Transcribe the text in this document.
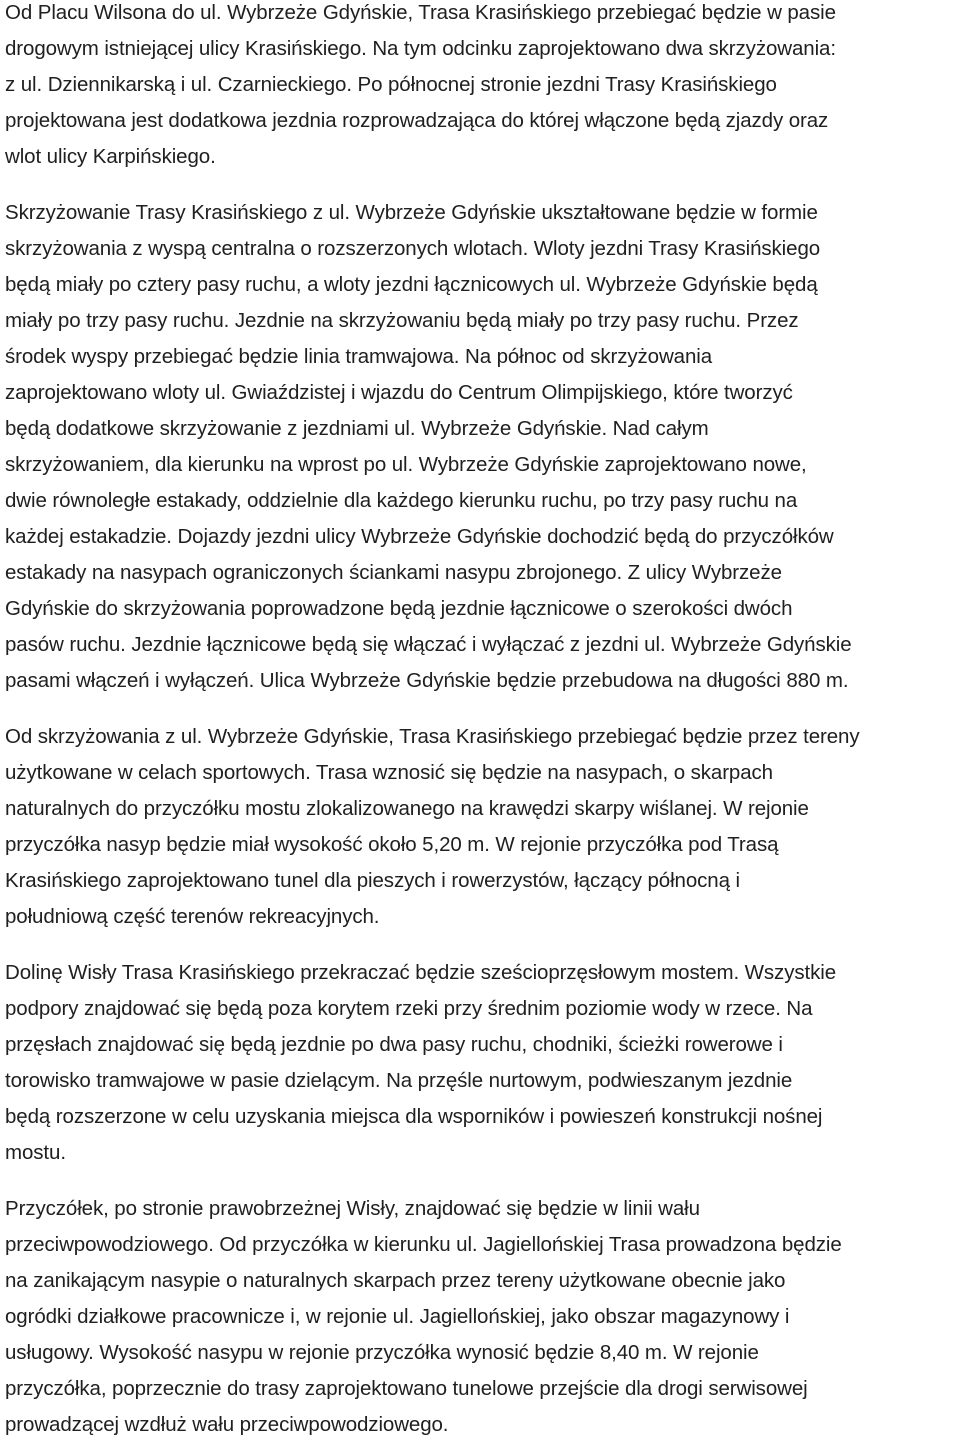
Od Placu Wilsona do ul. Wybrzeże Gdyńskie, Trasa Krasińskiego przebiegać będzie w pasie
drogowym istniejącej ulicy Krasińskiego. Na tym odcinku zaprojektowano dwa skrzyżowania:
z ul. Dziennikarską i ul. Czarnieckiego. Po północnej stronie jezdni Trasy Krasińskiego
projektowana jest dodatkowa jezdnia rozprowadzająca do której włączone będą zjazdy oraz
wlot ulicy Karpińskiego.
Skrzyżowanie Trasy Krasińskiego z ul. Wybrzeże Gdyńskie ukształtowane będzie w formie
skrzyżowania z wyspą centralna o rozszerzonych wlotach. Wloty jezdni Trasy Krasińskiego
będą miały po cztery pasy ruchu, a wloty jezdni łącznicowych ul. Wybrzeże Gdyńskie będą
miały po trzy pasy ruchu. Jezdnie na skrzyżowaniu będą miały po trzy pasy ruchu. Przez
środek wyspy przebiegać będzie linia tramwajowa. Na północ od skrzyżowania
zaprojektowano wloty ul. Gwiaździstej i wjazdu do Centrum Olimpijskiego, które tworzyć
będą dodatkowe skrzyżowanie z jezdniami ul. Wybrzeże Gdyńskie. Nad całym
skrzyżowaniem, dla kierunku na wprost po ul. Wybrzeże Gdyńskie zaprojektowano nowe,
dwie równoległe estakady, oddzielnie dla każdego kierunku ruchu, po trzy pasy ruchu na
każdej estakadzie. Dojazdy jezdni ulicy Wybrzeże Gdyńskie dochodzić będą do przyczółków
estakady na nasypach ograniczonych ściankami nasypu zbrojonego. Z ulicy Wybrzeże
Gdyńskie do skrzyżowania poprowadzone będą jezdnie łącznicowe o szerokości dwóch
pasów ruchu. Jezdnie łącznicowe będą się włączać i wyłączać z jezdni ul. Wybrzeże Gdyńskie
pasami włączeń i wyłączeń. Ulica Wybrzeże Gdyńskie będzie przebudowa na długości 880 m.
Od skrzyżowania z ul. Wybrzeże Gdyńskie, Trasa Krasińskiego przebiegać będzie przez tereny
użytkowane w celach sportowych. Trasa wznosić się będzie na nasypach, o skarpach
naturalnych do przyczółku mostu zlokalizowanego na krawędzi skarpy wiślanej. W rejonie
przyczółka nasyp będzie miał wysokość około 5,20 m. W rejonie przyczółka pod Trasą
Krasińskiego zaprojektowano tunel dla pieszych i rowerzystów, łączący północną i
południową część terenów rekreacyjnych.
Dolinę Wisły Trasa Krasińskiego przekraczać będzie sześcioprzęsłowym mostem. Wszystkie
podpory znajdować się będą poza korytem rzeki przy średnim poziomie wody w rzece. Na
przęsłach znajdować się będą jezdnie po dwa pasy ruchu, chodniki, ścieżki rowerowe i
torowisko tramwajowe w pasie dzielącym. Na przęśle nurtowym, podwieszanym jezdnie
będą rozszerzone w celu uzyskania miejsca dla wsporników i powieszeń konstrukcji nośnej
mostu.
Przyczółek, po stronie prawobrzeżnej Wisły, znajdować się będzie w linii wału
przeciwpowodziowego. Od przyczółka w kierunku ul. Jagiellońskiej Trasa prowadzona będzie
na zanikającym nasypie o naturalnych skarpach przez tereny użytkowane obecnie jako
ogródki działkowe pracownicze i, w rejonie ul. Jagiellońskiej, jako obszar magazynowy i
usługowy. Wysokość nasypu w rejonie przyczółka wynosić będzie 8,40 m. W rejonie
przyczółka, poprzecznie do trasy zaprojektowano tunelowe przejście dla drogi serwisowej
prowadzącej wzdłuż wału przeciwpowodziowego.
